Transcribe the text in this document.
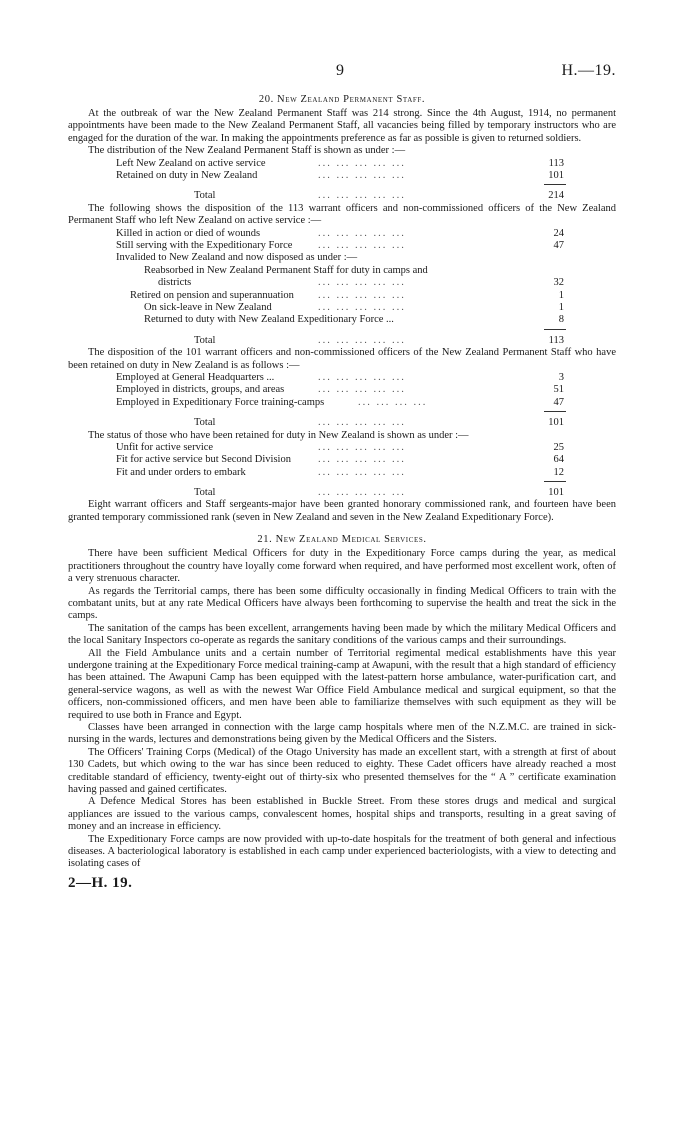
9	H.—19.
20. New Zealand Permanent Staff.

At the outbreak of war the New Zealand Permanent Staff was 214 strong. Since the 4th August, 1914, no permanent appointments have been made to the New Zealand Permanent Staff, all vacancies being filled by temporary instructors who are engaged for the duration of the war. In making the appointments preference as far as possible is given to returned soldiers.

The distribution of the New Zealand Permanent Staff is shown as under :—

Left New Zealand on active service	... ... ... ... ...	113
Retained on duty in New Zealand	... ... ... ... ...	101
Total	... ... ... ... ...	214

The following shows the disposition of the 113 warrant officers and non-commissioned officers of the New Zealand Permanent Staff who left New Zealand on active service :—

Killed in action or died of wounds	... ... ... ... ...	24
Still serving with the Expeditionary Force ... ... ... ... ...	47
Invalided to New Zealand and now disposed as under :—
Reabsorbed in New Zealand Permanent Staff for duty in camps and
districts	... ... ... ... ...	32
Retired on pension and superannuation ... ... ... ... ...	1
On sick-leave in New Zealand	... ... ... ... ...	1
Returned to duty with New Zealand Expeditionary Force ...	8
Total	... ... ... ... ...	113

The disposition of the 101 warrant officers and non-commissioned officers of the New Zealand Permanent Staff who have been retained on duty in New Zealand is as follows :—

Employed at General Headquarters ...	... ... ... ... ...	3
Employed in districts, groups, and areas	... ... ... ... ...	51
Employed in Expeditionary Force training-camps	... ... ... ...	47
Total	... ... ... ... ...	101

The status of those who have been retained for duty in New Zealand is shown as under :—

Unfit for active service	... ... ... ... ...	25
Fit for active service but Second Division	... ... ... ... ...	64
Fit and under orders to embark	... ... ... ... ...	12
Total	... ... ... ... ...	101

Eight warrant officers and Staff sergeants-major have been granted honorary commissioned rank, and fourteen have been granted temporary commissioned rank (seven in New Zealand and seven in the New Zealand Expeditionary Force).

21. New Zealand Medical Services.

There have been sufficient Medical Officers for duty in the Expeditionary Force camps during the year, as medical practitioners throughout the country have loyally come forward when required, and have performed most excellent work, often of a very strenuous character.

As regards the Territorial camps, there has been some difficulty occasionally in finding Medical Officers to train with the combatant units, but at any rate Medical Officers have always been forthcoming to supervise the health and treat the sick in the camps.

The sanitation of the camps has been excellent, arrangements having been made by which the military Medical Officers and the local Sanitary Inspectors co-operate as regards the sanitary conditions of the various camps and their surroundings.

All the Field Ambulance units and a certain number of Territorial regimental medical establishments have this year undergone training at the Expeditionary Force medical training-camp at Awapuni, with the result that a high standard of efficiency has been attained. The Awapuni Camp has been equipped with the latest-pattern horse ambulance, water-purification cart, and general-service wagons, as well as with the newest War Office Field Ambulance medical and surgical equipment, so that the officers, non-commissioned officers, and men have been able to familiarize themselves with such equipment as they will be required to use both in France and Egypt.

Classes have been arranged in connection with the large camp hospitals where men of the N.Z.M.C. are trained in sick-nursing in the wards, lectures and demonstrations being given by the Medical Officers and the Sisters.

The Officers' Training Corps (Medical) of the Otago University has made an excellent start, with a strength at first of about 130 Cadets, but which owing to the war has since been reduced to eighty. These Cadet officers have already reached a most creditable standard of efficiency, twenty-eight out of thirty-six who presented themselves for the “ A ” certificate examination having passed and gained certificates.

A Defence Medical Stores has been established in Buckle Street. From these stores drugs and medical and surgical appliances are issued to the various camps, convalescent homes, hospital ships and transports, resulting in a great saving of money and an increase in efficiency.

The Expeditionary Force camps are now provided with up-to-date hospitals for the treatment of both general and infectious diseases. A bacteriological laboratory is established in each camp under experienced bacteriologists, with a view to detecting and isolating cases of

2—H. 19.
